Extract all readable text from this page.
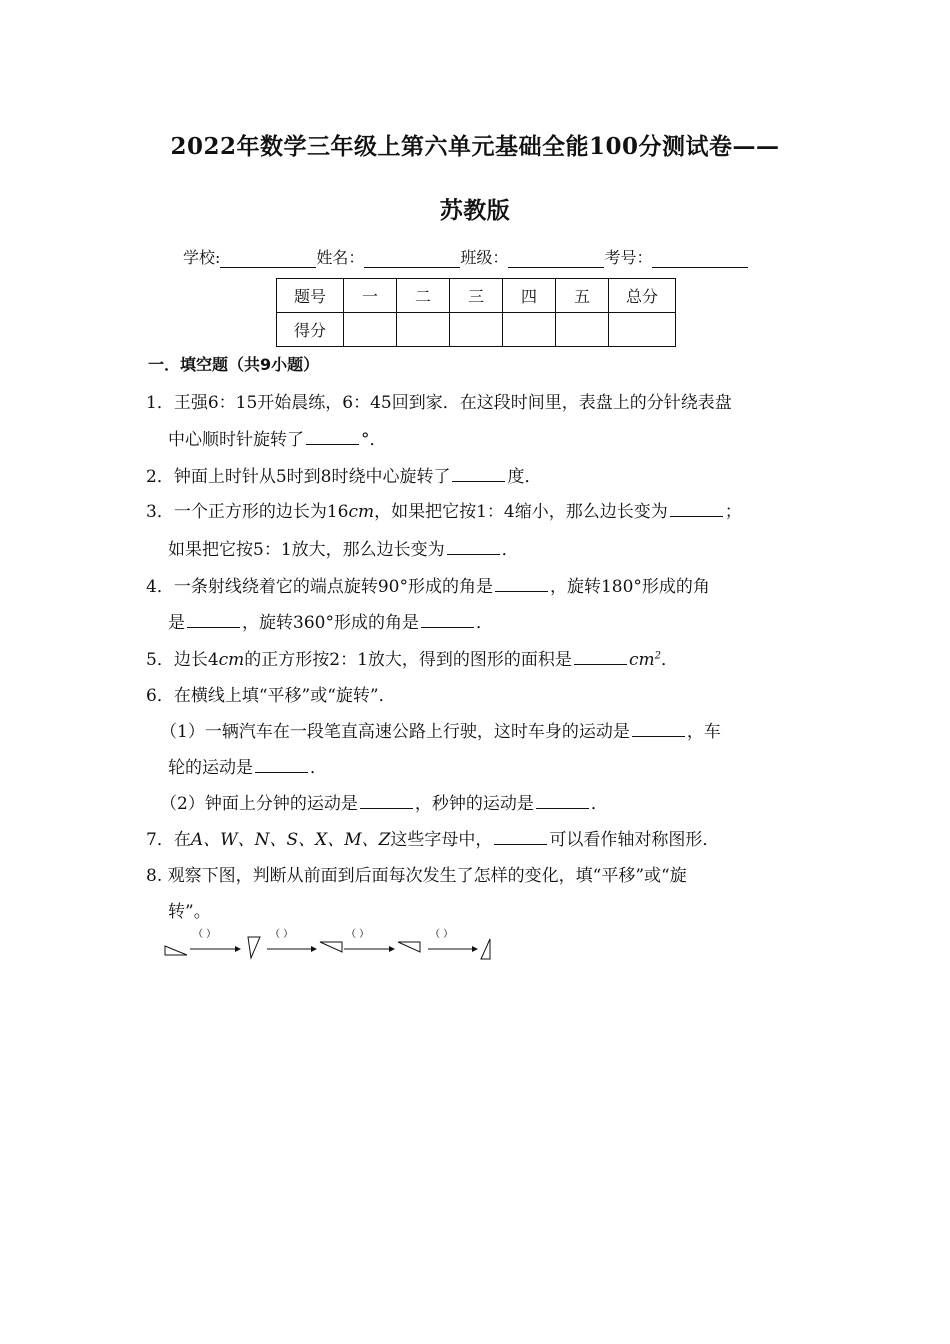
2022年数学三年级上第六单元基础全能100分测试卷——
苏教版
学校:	姓名：	班级：	考号：
题号	一	二	三	四	五	总分
得分						
一．填空题（共9小题）
1．王强6：15开始晨练，6：45回到家．在这段时间里，表盘上的分针绕表盘
中心顺时针旋转了	°．
2．钟面上时针从5时到8时绕中心旋转了	度．
3．一个正方形的边长为16cm，如果把它按1：4缩小，那么边长变为	；
如果把它按5：1放大，那么边长变为	．
4．一条射线绕着它的端点旋转90°形成的角是	，旋转180°形成的角
是	，旋转360°形成的角是	．
5．边长4cm的正方形按2：1放大，得到的图形的面积是	$cm^2$．
6．在横线上填“平移”或“旋转”．
（1）一辆汽车在一段笔直高速公路上行驶，这时车身的运动是	，车
轮的运动是	．
（2）钟面上分钟的运动是	，秒钟的运动是	．
7．在A、W、N、S、X、M、Z这些字母中，	可以看作轴对称图形．
8. 观察下图，判断从前面到后面每次发生了怎样的变化，填“平移”或“旋
转”。
（ ）	（ ）	（ ）	（ ）
